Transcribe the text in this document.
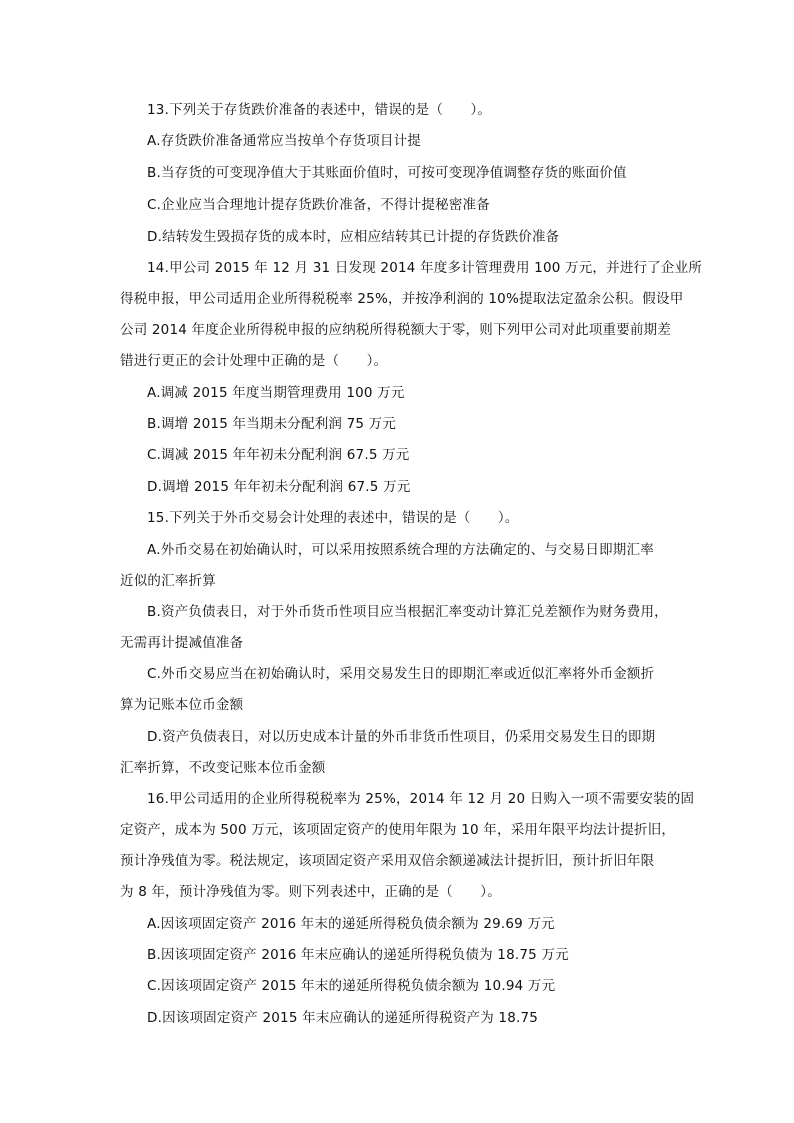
13.下列关于存货跌价准备的表述中，错误的是（　　）。
A.存货跌价准备通常应当按单个存货项目计提
B.当存货的可变现净值大于其账面价值时，可按可变现净值调整存货的账面价值
C.企业应当合理地计提存货跌价准备，不得计提秘密准备
D.结转发生毁损存货的成本时，应相应结转其已计提的存货跌价准备
14.甲公司 2015 年 12 月 31 日发现 2014 年度多计管理费用 100 万元，并进行了企业所
得税申报，甲公司适用企业所得税税率 25%，并按净利润的 10%提取法定盈余公积。假设甲
公司 2014 年度企业所得税申报的应纳税所得税额大于零，则下列甲公司对此项重要前期差
错进行更正的会计处理中正确的是（　　）。
A.调减 2015 年度当期管理费用 100 万元
B.调增 2015 年当期未分配利润 75 万元
C.调减 2015 年年初未分配利润 67.5 万元
D.调增 2015 年年初未分配利润 67.5 万元
15.下列关于外币交易会计处理的表述中，错误的是（　　）。
A.外币交易在初始确认时，可以采用按照系统合理的方法确定的、与交易日即期汇率
近似的汇率折算
B.资产负债表日，对于外币货币性项目应当根据汇率变动计算汇兑差额作为财务费用，
无需再计提减值准备
C.外币交易应当在初始确认时，采用交易发生日的即期汇率或近似汇率将外币金额折
算为记账本位币金额
D.资产负债表日，对以历史成本计量的外币非货币性项目，仍采用交易发生日的即期
汇率折算，不改变记账本位币金额
16.甲公司适用的企业所得税税率为 25%，2014 年 12 月 20 日购入一项不需要安装的固
定资产，成本为 500 万元，该项固定资产的使用年限为 10 年，采用年限平均法计提折旧，
预计净残值为零。税法规定，该项固定资产采用双倍余额递减法计提折旧，预计折旧年限
为 8 年，预计净残值为零。则下列表述中，正确的是（　　）。
A.因该项固定资产 2016 年末的递延所得税负债余额为 29.69 万元
B.因该项固定资产 2016 年末应确认的递延所得税负债为 18.75 万元
C.因该项固定资产 2015 年末的递延所得税负债余额为 10.94 万元
D.因该项固定资产 2015 年末应确认的递延所得税资产为 18.75
